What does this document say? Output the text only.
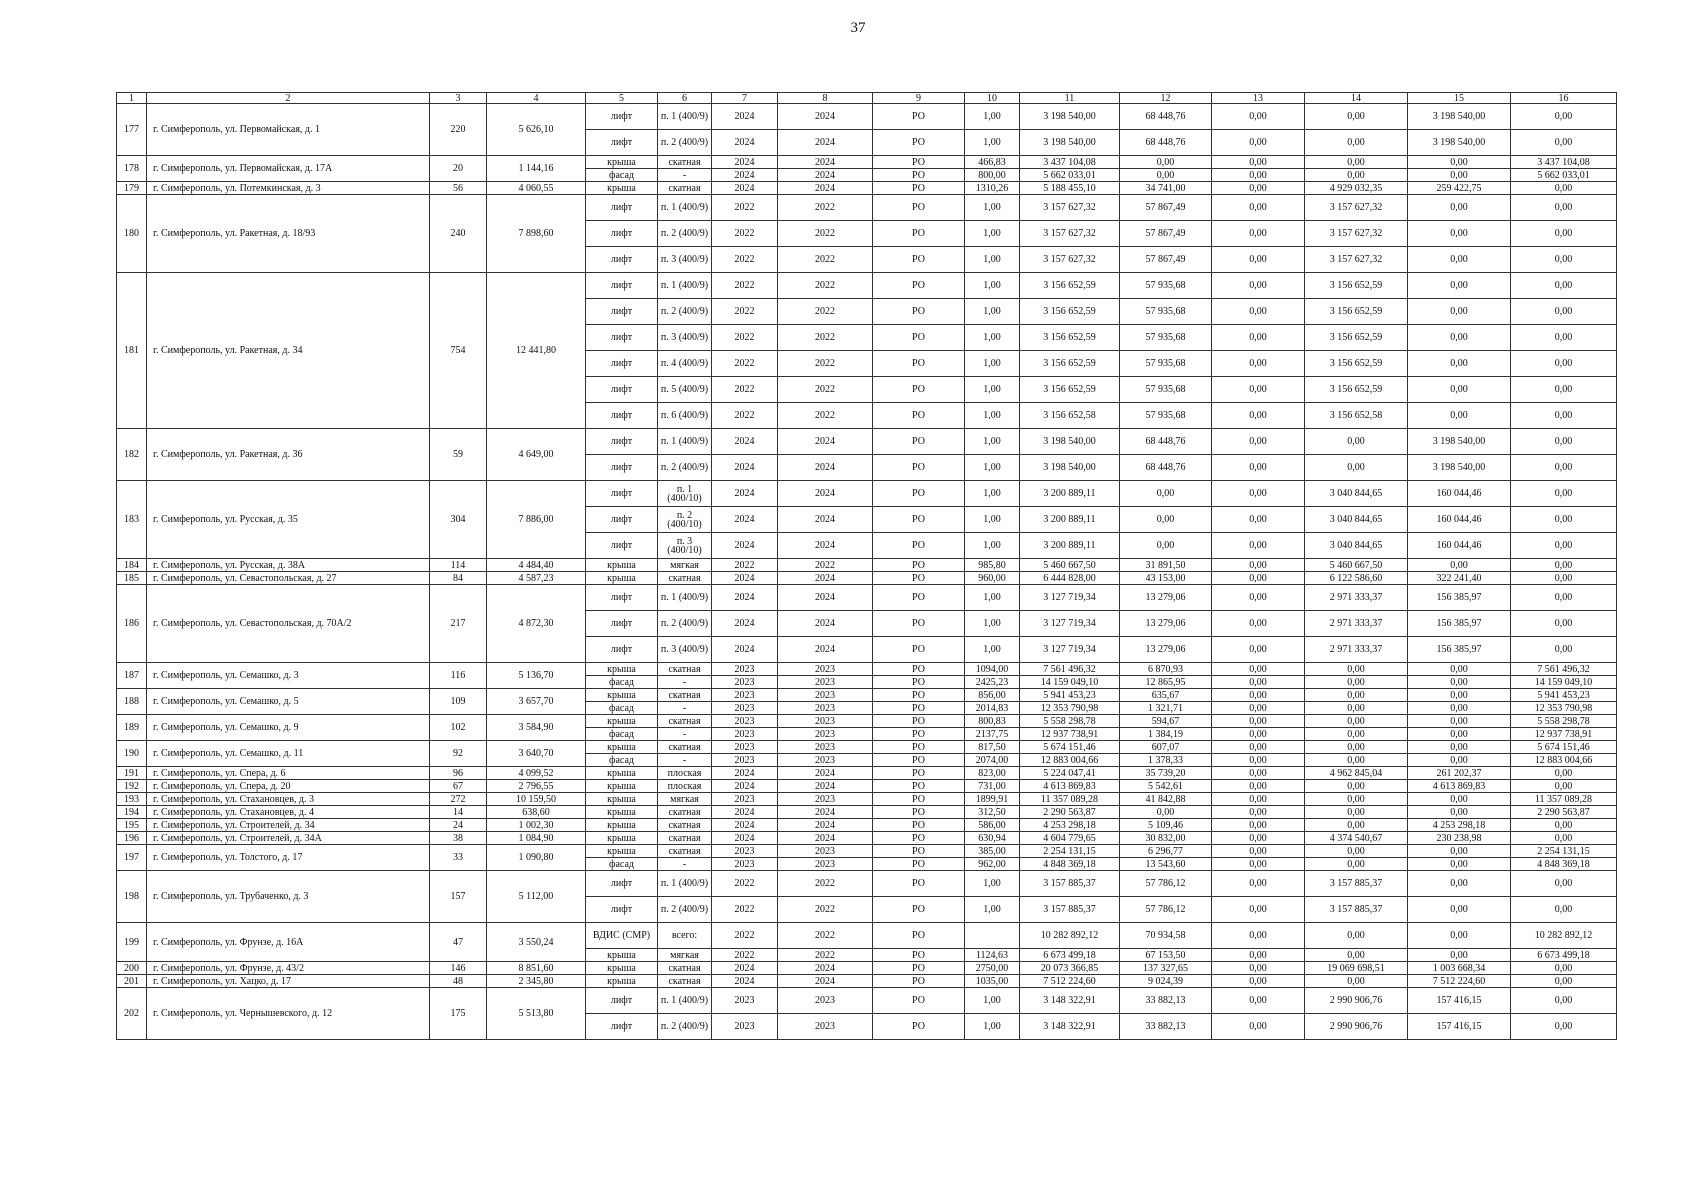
37
1	2	3	4	5	6	7	8	9	10	11	12	13	14	15	16
177	г. Симферополь, ул. Первомайская, д. 1	220	5 626,10	лифт	п. 1 (400/9)	2024	2024	РО	1,00	3 198 540,00	68 448,76	0,00	0,00	3 198 540,00	0,00
				лифт	п. 2 (400/9)	2024	2024	РО	1,00	3 198 540,00	68 448,76	0,00	0,00	3 198 540,00	0,00
178	г. Симферополь, ул. Первомайская, д. 17А	20	1 144,16	крыша	скатная	2024	2024	РО	466,83	3 437 104,08	0,00	0,00	0,00	0,00	3 437 104,08
				фасад	-	2024	2024	РО	800,00	5 662 033,01	0,00	0,00	0,00	0,00	5 662 033,01
179	г. Симферополь, ул. Потемкинская, д. 3	56	4 060,55	крыша	скатная	2024	2024	РО	1310,26	5 188 455,10	34 741,00	0,00	4 929 032,35	259 422,75	0,00
180	г. Симферополь, ул. Ракетная, д. 18/93	240	7 898,60	лифт	п. 1 (400/9)	2022	2022	РО	1,00	3 157 627,32	57 867,49	0,00	3 157 627,32	0,00	0,00
				лифт	п. 2 (400/9)	2022	2022	РО	1,00	3 157 627,32	57 867,49	0,00	3 157 627,32	0,00	0,00
				лифт	п. 3 (400/9)	2022	2022	РО	1,00	3 157 627,32	57 867,49	0,00	3 157 627,32	0,00	0,00
181	г. Симферополь, ул. Ракетная, д. 34	754	12 441,80	лифт	п. 1 (400/9)	2022	2022	РО	1,00	3 156 652,59	57 935,68	0,00	3 156 652,59	0,00	0,00
				лифт	п. 2 (400/9)	2022	2022	РО	1,00	3 156 652,59	57 935,68	0,00	3 156 652,59	0,00	0,00
				лифт	п. 3 (400/9)	2022	2022	РО	1,00	3 156 652,59	57 935,68	0,00	3 156 652,59	0,00	0,00
				лифт	п. 4 (400/9)	2022	2022	РО	1,00	3 156 652,59	57 935,68	0,00	3 156 652,59	0,00	0,00
				лифт	п. 5 (400/9)	2022	2022	РО	1,00	3 156 652,59	57 935,68	0,00	3 156 652,59	0,00	0,00
				лифт	п. 6 (400/9)	2022	2022	РО	1,00	3 156 652,58	57 935,68	0,00	3 156 652,58	0,00	0,00
182	г. Симферополь, ул. Ракетная, д. 36	59	4 649,00	лифт	п. 1 (400/9)	2024	2024	РО	1,00	3 198 540,00	68 448,76	0,00	0,00	3 198 540,00	0,00
				лифт	п. 2 (400/9)	2024	2024	РО	1,00	3 198 540,00	68 448,76	0,00	0,00	3 198 540,00	0,00
183	г. Симферополь, ул. Русская, д. 35	304	7 886,00	лифт	п. 1 (400/10)	2024	2024	РО	1,00	3 200 889,11	0,00	0,00	3 040 844,65	160 044,46	0,00
				лифт	п. 2 (400/10)	2024	2024	РО	1,00	3 200 889,11	0,00	0,00	3 040 844,65	160 044,46	0,00
				лифт	п. 3 (400/10)	2024	2024	РО	1,00	3 200 889,11	0,00	0,00	3 040 844,65	160 044,46	0,00
184	г. Симферополь, ул. Русская, д. 38А	114	4 484,40	крыша	мягкая	2022	2022	РО	985,80	5 460 667,50	31 891,50	0,00	5 460 667,50	0,00	0,00
185	г. Симферополь, ул. Севастопольская, д. 27	84	4 587,23	крыша	скатная	2024	2024	РО	960,00	6 444 828,00	43 153,00	0,00	6 122 586,60	322 241,40	0,00
186	г. Симферополь, ул. Севастопольская, д. 70А/2	217	4 872,30	лифт	п. 1 (400/9)	2024	2024	РО	1,00	3 127 719,34	13 279,06	0,00	2 971 333,37	156 385,97	0,00
				лифт	п. 2 (400/9)	2024	2024	РО	1,00	3 127 719,34	13 279,06	0,00	2 971 333,37	156 385,97	0,00
				лифт	п. 3 (400/9)	2024	2024	РО	1,00	3 127 719,34	13 279,06	0,00	2 971 333,37	156 385,97	0,00
187	г. Симферополь, ул. Семашко, д. 3	116	5 136,70	крыша	скатная	2023	2023	РО	1094,00	7 561 496,32	6 870,93	0,00	0,00	0,00	7 561 496,32
				фасад	-	2023	2023	РО	2425,23	14 159 049,10	12 865,95	0,00	0,00	0,00	14 159 049,10
188	г. Симферополь, ул. Семашко, д. 5	109	3 657,70	крыша	скатная	2023	2023	РО	856,00	5 941 453,23	635,67	0,00	0,00	0,00	5 941 453,23
				фасад	-	2023	2023	РО	2014,83	12 353 790,98	1 321,71	0,00	0,00	0,00	12 353 790,98
189	г. Симферополь, ул. Семашко, д. 9	102	3 584,90	крыша	скатная	2023	2023	РО	800,83	5 558 298,78	594,67	0,00	0,00	0,00	5 558 298,78
				фасад	-	2023	2023	РО	2137,75	12 937 738,91	1 384,19	0,00	0,00	0,00	12 937 738,91
190	г. Симферополь, ул. Семашко, д. 11	92	3 640,70	крыша	скатная	2023	2023	РО	817,50	5 674 151,46	607,07	0,00	0,00	0,00	5 674 151,46
				фасад	-	2023	2023	РО	2074,00	12 883 004,66	1 378,33	0,00	0,00	0,00	12 883 004,66
191	г. Симферополь, ул. Спера, д. 6	96	4 099,52	крыша	плоская	2024	2024	РО	823,00	5 224 047,41	35 739,20	0,00	4 962 845,04	261 202,37	0,00
192	г. Симферополь, ул. Спера, д. 20	67	2 796,55	крыша	плоская	2024	2024	РО	731,00	4 613 869,83	5 542,61	0,00	0,00	4 613 869,83	0,00
193	г. Симферополь, ул. Стахановцев, д. 3	272	10 159,50	крыша	мягкая	2023	2023	РО	1899,91	11 357 089,28	41 842,88	0,00	0,00	0,00	11 357 089,28
194	г. Симферополь, ул. Стахановцев, д. 4	14	638,60	крыша	скатная	2024	2024	РО	312,50	2 290 563,87	0,00	0,00	0,00	0,00	2 290 563,87
195	г. Симферополь, ул. Строителей, д. 34	24	1 002,30	крыша	скатная	2024	2024	РО	586,00	4 253 298,18	5 109,46	0,00	0,00	4 253 298,18	0,00
196	г. Симферополь, ул. Строителей, д. 34А	38	1 084,90	крыша	скатная	2024	2024	РО	630,94	4 604 779,65	30 832,00	0,00	4 374 540,67	230 238,98	0,00
197	г. Симферополь, ул. Толстого, д. 17	33	1 090,80	крыша	скатная	2023	2023	РО	385,00	2 254 131,15	6 296,77	0,00	0,00	0,00	2 254 131,15
				фасад	-	2023	2023	РО	962,00	4 848 369,18	13 543,60	0,00	0,00	0,00	4 848 369,18
198	г. Симферополь, ул. Трубаченко, д. 3	157	5 112,00	лифт	п. 1 (400/9)	2022	2022	РО	1,00	3 157 885,37	57 786,12	0,00	3 157 885,37	0,00	0,00
				лифт	п. 2 (400/9)	2022	2022	РО	1,00	3 157 885,37	57 786,12	0,00	3 157 885,37	0,00	0,00
199	г. Симферополь, ул. Фрунзе, д. 16А	47	3 550,24	ВДИС (СМР)	всего:	2022	2022	РО		10 282 892,12	70 934,58	0,00	0,00	0,00	10 282 892,12
				крыша	мягкая	2022	2022	РО	1124,63	6 673 499,18	67 153,50	0,00	0,00	0,00	6 673 499,18
200	г. Симферополь, ул. Фрунзе, д. 43/2	146	8 851,60	крыша	скатная	2024	2024	РО	2750,00	20 073 366,85	137 327,65	0,00	19 069 698,51	1 003 668,34	0,00
201	г. Симферополь, ул. Хацко, д. 17	48	2 345,80	крыша	скатная	2024	2024	РО	1035,00	7 512 224,60	9 024,39	0,00	0,00	7 512 224,60	0,00
202	г. Симферополь, ул. Чернышевского, д. 12	175	5 513,80	лифт	п. 1 (400/9)	2023	2023	РО	1,00	3 148 322,91	33 882,13	0,00	2 990 906,76	157 416,15	0,00
				лифт	п. 2 (400/9)	2023	2023	РО	1,00	3 148 322,91	33 882,13	0,00	2 990 906,76	157 416,15	0,00
